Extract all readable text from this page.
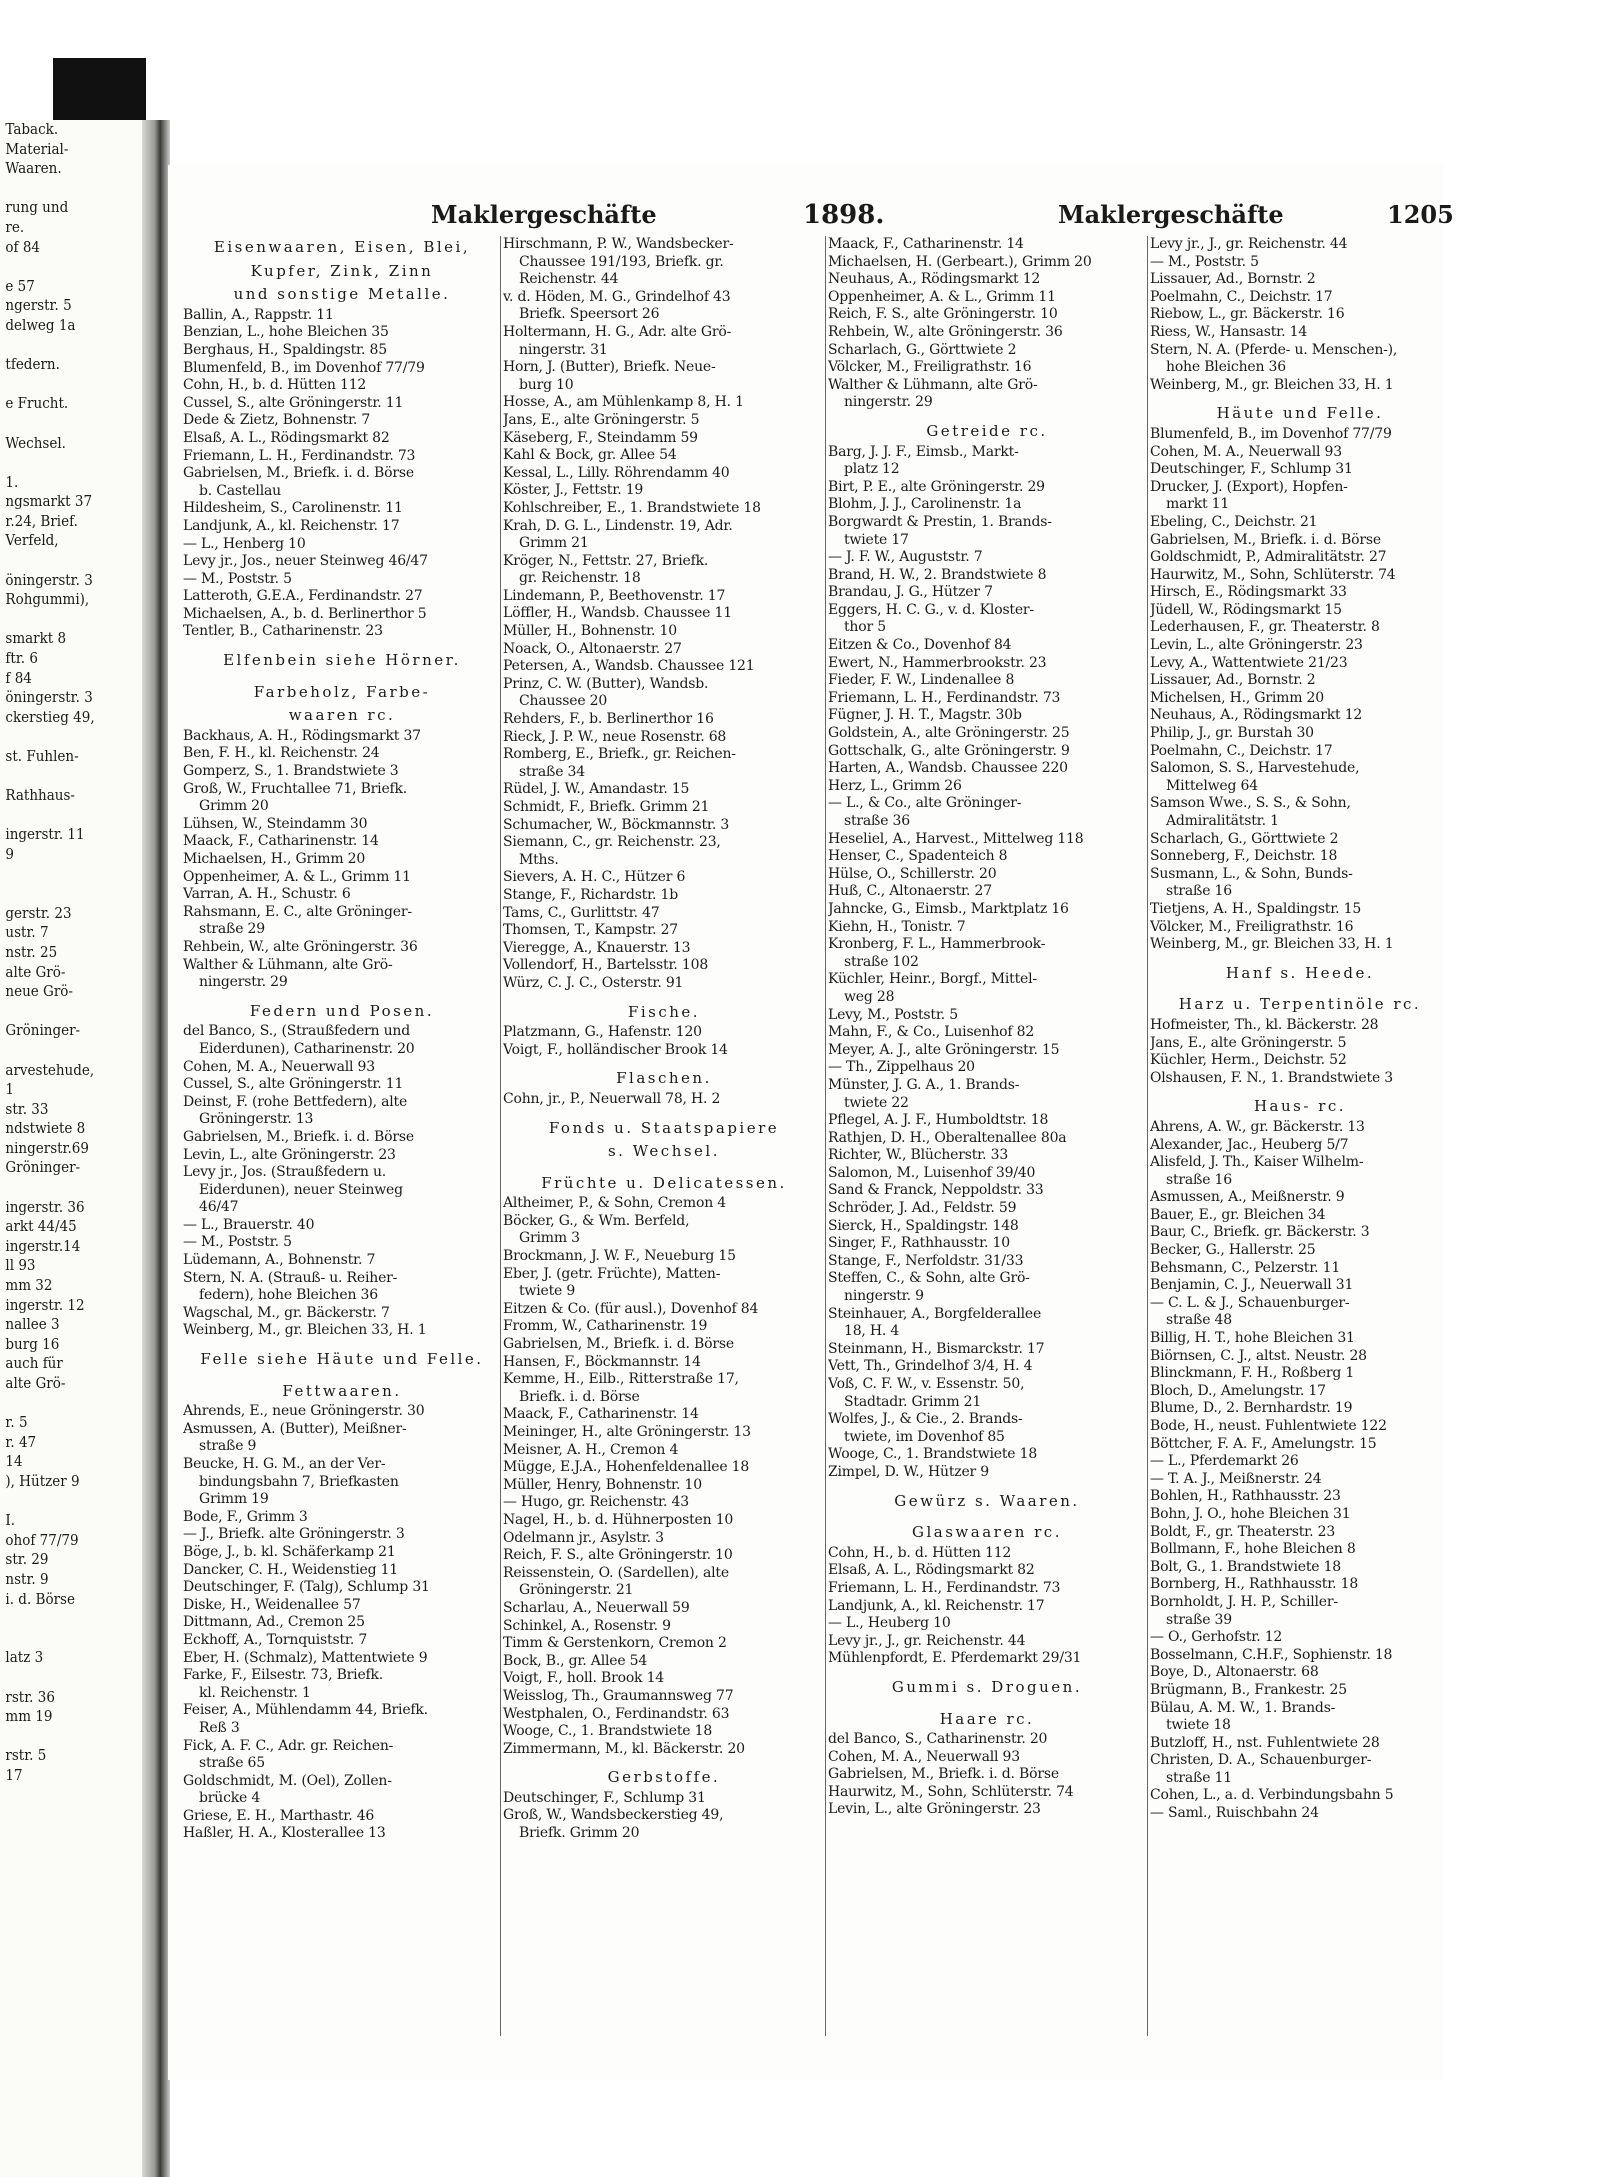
Taback.
Material-
Waaren.

rung und
re.
of 84

e 57
ngerstr. 5
delweg 1a

tfedern.

e Frucht.

Wechsel.

1.
ngsmarkt 37
r.24, Brief.
Verfeld,

öningerstr. 3
Rohgummi),

smarkt 8
ftr. 6
f 84
öningerstr. 3
ckerstieg 49,

st. Fuhlen-

Rathhaus-

ingerstr. 11
9

gerstr. 23
ustr. 7
nstr. 25
alte Grö-
neue Grö-

Gröninger-

arvestehude,
1
str. 33
ndstwiete 8
ningerstr.69
Gröninger-

ingerstr. 36
arkt 44/45
ingerstr.14
ll 93
mm 32
ingerstr. 12
nallee 3
burg 16
auch für
alte Grö-

r. 5
r. 47
14
), Hützer 9

I.
ohof 77/79
str. 29
nstr. 9
i. d. Börse

latz 3

rstr. 36
mm 19

rstr. 5
17
Maklergeschäfte	1898.	Maklergeschäfte	1205
Eisenwaaren, Eisen, Blei,
Kupfer, Zink, Zinn
und sonstige Metalle.
Ballin, A., Rappstr. 11
Benzian, L., hohe Bleichen 35
Berghaus, H., Spaldingstr. 85
Blumenfeld, B., im Dovenhof 77/79
Cohn, H., b. d. Hütten 112
Cussel, S., alte Gröningerstr. 11
Dede & Zietz, Bohnenstr. 7
Elsaß, A. L., Rödingsmarkt 82
Friemann, L. H., Ferdinandstr. 73
Gabrielsen, M., Briefk. i. d. Börse
b. Castellau
Hildesheim, S., Carolinenstr. 11
Landjunk, A., kl. Reichenstr. 17
— L., Henberg 10
Levy jr., Jos., neuer Steinweg 46/47
— M., Poststr. 5
Latteroth, G.E.A., Ferdinandstr. 27
Michaelsen, A., b. d. Berlinerthor 5
Tentler, B., Catharinenstr. 23
Elfenbein siehe Hörner.
Farbeholz, Farbe-
waaren rc.
Backhaus, A. H., Rödingsmarkt 37
Ben, F. H., kl. Reichenstr. 24
Gomperz, S., 1. Brandstwiete 3
Groß, W., Fruchtallee 71, Briefk.
Grimm 20
Lühsen, W., Steindamm 30
Maack, F., Catharinenstr. 14
Michaelsen, H., Grimm 20
Oppenheimer, A. & L., Grimm 11
Varran, A. H., Schustr. 6
Rahsmann, E. C., alte Gröninger-
straße 29
Rehbein, W., alte Gröningerstr. 36
Walther & Lühmann, alte Grö-
ningerstr. 29
Federn und Posen.
del Banco, S., (Straußfedern und
Eiderdunen), Catharinenstr. 20
Cohen, M. A., Neuerwall 93
Cussel, S., alte Gröningerstr. 11
Deinst, F. (rohe Bettfedern), alte
Gröningerstr. 13
Gabrielsen, M., Briefk. i. d. Börse
Levin, L., alte Gröningerstr. 23
Levy jr., Jos. (Straußfedern u.
Eiderdunen), neuer Steinweg
46/47
— L., Brauerstr. 40
— M., Poststr. 5
Lüdemann, A., Bohnenstr. 7
Stern, N. A. (Strauß- u. Reiher-
federn), hohe Bleichen 36
Wagschal, M., gr. Bäckerstr. 7
Weinberg, M., gr. Bleichen 33, H. 1
Felle siehe Häute und Felle.
Fettwaaren.
Ahrends, E., neue Gröningerstr. 30
Asmussen, A. (Butter), Meißner-
straße 9
Beucke, H. G. M., an der Ver-
bindungsbahn 7, Briefkasten
Grimm 19
Bode, F., Grimm 3
— J., Briefk. alte Gröningerstr. 3
Böge, J., b. kl. Schäferkamp 21
Dancker, C. H., Weidenstieg 11
Deutschinger, F. (Talg), Schlump 31
Diske, H., Weidenallee 57
Dittmann, Ad., Cremon 25
Eckhoff, A., Tornquiststr. 7
Eber, H. (Schmalz), Mattentwiete 9
Farke, F., Eilsestr. 73, Briefk.
kl. Reichenstr. 1
Feiser, A., Mühlendamm 44, Briefk.
Reß 3
Fick, A. F. C., Adr. gr. Reichen-
straße 65
Goldschmidt, M. (Oel), Zollen-
brücke 4
Griese, E. H., Marthastr. 46
Haßler, H. A., Klosterallee 13
Hirschmann, P. W., Wandsbecker-
Chaussee 191/193, Briefk. gr.
Reichenstr. 44
v. d. Höden, M. G., Grindelhof 43
Briefk. Speersort 26
Holtermann, H. G., Adr. alte Grö-
ningerstr. 31
Horn, J. (Butter), Briefk. Neue-
burg 10
Hosse, A., am Mühlenkamp 8, H. 1
Jans, E., alte Gröningerstr. 5
Käseberg, F., Steindamm 59
Kahl & Bock, gr. Allee 54
Kessal, L., Lilly. Röhrendamm 40
Köster, J., Fettstr. 19
Kohlschreiber, E., 1. Brandstwiete 18
Krah, D. G. L., Lindenstr. 19, Adr.
Grimm 21
Kröger, N., Fettstr. 27, Briefk.
gr. Reichenstr. 18
Lindemann, P., Beethovenstr. 17
Löffler, H., Wandsb. Chaussee 11
Müller, H., Bohnenstr. 10
Noack, O., Altonaerstr. 27
Petersen, A., Wandsb. Chaussee 121
Prinz, C. W. (Butter), Wandsb.
Chaussee 20
Rehders, F., b. Berlinerthor 16
Rieck, J. P. W., neue Rosenstr. 68
Romberg, E., Briefk., gr. Reichen-
straße 34
Rüdel, J. W., Amandastr. 15
Schmidt, F., Briefk. Grimm 21
Schumacher, W., Böckmannstr. 3
Siemann, C., gr. Reichenstr. 23,
Mths.
Sievers, A. H. C., Hützer 6
Stange, F., Richardstr. 1b
Tams, C., Gurlittstr. 47
Thomsen, T., Kampstr. 27
Vieregge, A., Knauerstr. 13
Vollendorf, H., Bartelsstr. 108
Würz, C. J. C., Osterstr. 91
Fische.
Platzmann, G., Hafenstr. 120
Voigt, F., holländischer Brook 14
Flaschen.
Cohn, jr., P., Neuerwall 78, H. 2
Fonds u. Staatspapiere
s. Wechsel.
Früchte u. Delicatessen.
Altheimer, P., & Sohn, Cremon 4
Böcker, G., & Wm. Berfeld,
Grimm 3
Brockmann, J. W. F., Neueburg 15
Eber, J. (getr. Früchte), Matten-
twiete 9
Eitzen & Co. (für ausl.), Dovenhof 84
Fromm, W., Catharinenstr. 19
Gabrielsen, M., Briefk. i. d. Börse
Hansen, F., Böckmannstr. 14
Kemme, H., Eilb., Ritterstraße 17,
Briefk. i. d. Börse
Maack, F., Catharinenstr. 14
Meininger, H., alte Gröningerstr. 13
Meisner, A. H., Cremon 4
Mügge, E.J.A., Hohenfeldenallee 18
Müller, Henry, Bohnenstr. 10
— Hugo, gr. Reichenstr. 43
Nagel, H., b. d. Hühnerposten 10
Odelmann jr., Asylstr. 3
Reich, F. S., alte Gröningerstr. 10
Reissenstein, O. (Sardellen), alte
Gröningerstr. 21
Scharlau, A., Neuerwall 59
Schinkel, A., Rosenstr. 9
Timm & Gerstenkorn, Cremon 2
Bock, B., gr. Allee 54
Voigt, F., holl. Brook 14
Weisslog, Th., Graumannsweg 77
Westphalen, O., Ferdinandstr. 63
Wooge, C., 1. Brandstwiete 18
Zimmermann, M., kl. Bäckerstr. 20
Gerbstoffe.
Deutschinger, F., Schlump 31
Groß, W., Wandsbeckerstieg 49,
Briefk. Grimm 20
Maack, F., Catharinenstr. 14
Michaelsen, H. (Gerbeart.), Grimm 20
Neuhaus, A., Rödingsmarkt 12
Oppenheimer, A. & L., Grimm 11
Reich, F. S., alte Gröningerstr. 10
Rehbein, W., alte Gröningerstr. 36
Scharlach, G., Görttwiete 2
Völcker, M., Freiligrathstr. 16
Walther & Lühmann, alte Grö-
ningerstr. 29
Getreide rc.
Barg, J. J. F., Eimsb., Markt-
platz 12
Birt, P. E., alte Gröningerstr. 29
Blohm, J. J., Carolinenstr. 1a
Borgwardt & Prestin, 1. Brands-
twiete 17
— J. F. W., Auguststr. 7
Brand, H. W., 2. Brandstwiete 8
Brandau, J. G., Hützer 7
Eggers, H. C. G., v. d. Kloster-
thor 5
Eitzen & Co., Dovenhof 84
Ewert, N., Hammerbrookstr. 23
Fieder, F. W., Lindenallee 8
Friemann, L. H., Ferdinandstr. 73
Fügner, J. H. T., Magstr. 30b
Goldstein, A., alte Gröningerstr. 25
Gottschalk, G., alte Gröningerstr. 9
Harten, A., Wandsb. Chaussee 220
Herz, L., Grimm 26
— L., & Co., alte Gröninger-
straße 36
Heseliel, A., Harvest., Mittelweg 118
Henser, C., Spadenteich 8
Hülse, O., Schillerstr. 20
Huß, C., Altonaerstr. 27
Jahncke, G., Eimsb., Marktplatz 16
Kiehn, H., Tonistr. 7
Kronberg, F. L., Hammerbrook-
straße 102
Küchler, Heinr., Borgf., Mittel-
weg 28
Levy, M., Poststr. 5
Mahn, F., & Co., Luisenhof 82
Meyer, A. J., alte Gröningerstr. 15
— Th., Zippelhaus 20
Münster, J. G. A., 1. Brands-
twiete 22
Pflegel, A. J. F., Humboldtstr. 18
Rathjen, D. H., Oberaltenallee 80a
Richter, W., Blücherstr. 33
Salomon, M., Luisenhof 39/40
Sand & Franck, Neppoldstr. 33
Schröder, J. Ad., Feldstr. 59
Sierck, H., Spaldingstr. 148
Singer, F., Rathhausstr. 10
Stange, F., Nerfoldstr. 31/33
Steffen, C., & Sohn, alte Grö-
ningerstr. 9
Steinhauer, A., Borgfelderallee
18, H. 4
Steinmann, H., Bismarckstr. 17
Vett, Th., Grindelhof 3/4, H. 4
Voß, C. F. W., v. Essenstr. 50,
Stadtadr. Grimm 21
Wolfes, J., & Cie., 2. Brands-
twiete, im Dovenhof 85
Wooge, C., 1. Brandstwiete 18
Zimpel, D. W., Hützer 9
Gewürz s. Waaren.
Glaswaaren rc.
Cohn, H., b. d. Hütten 112
Elsaß, A. L., Rödingsmarkt 82
Friemann, L. H., Ferdinandstr. 73
Landjunk, A., kl. Reichenstr. 17
— L., Heuberg 10
Levy jr., J., gr. Reichenstr. 44
Mühlenpfordt, E. Pferdemarkt 29/31
Gummi s. Droguen.
Haare rc.
del Banco, S., Catharinenstr. 20
Cohen, M. A., Neuerwall 93
Gabrielsen, M., Briefk. i. d. Börse
Haurwitz, M., Sohn, Schlüterstr. 74
Levin, L., alte Gröningerstr. 23
Levy jr., J., gr. Reichenstr. 44
— M., Poststr. 5
Lissauer, Ad., Bornstr. 2
Poelmahn, C., Deichstr. 17
Riebow, L., gr. Bäckerstr. 16
Riess, W., Hansastr. 14
Stern, N. A. (Pferde- u. Menschen-),
hohe Bleichen 36
Weinberg, M., gr. Bleichen 33, H. 1
Häute und Felle.
Blumenfeld, B., im Dovenhof 77/79
Cohen, M. A., Neuerwall 93
Deutschinger, F., Schlump 31
Drucker, J. (Export), Hopfen-
markt 11
Ebeling, C., Deichstr. 21
Gabrielsen, M., Briefk. i. d. Börse
Goldschmidt, P., Admiralitätstr. 27
Haurwitz, M., Sohn, Schlüterstr. 74
Hirsch, E., Rödingsmarkt 33
Jüdell, W., Rödingsmarkt 15
Lederhausen, F., gr. Theaterstr. 8
Levin, L., alte Gröningerstr. 23
Levy, A., Wattentwiete 21/23
Lissauer, Ad., Bornstr. 2
Michelsen, H., Grimm 20
Neuhaus, A., Rödingsmarkt 12
Philip, J., gr. Burstah 30
Poelmahn, C., Deichstr. 17
Salomon, S. S., Harvestehude,
Mittelweg 64
Samson Wwe., S. S., & Sohn,
Admiralitätstr. 1
Scharlach, G., Görttwiete 2
Sonneberg, F., Deichstr. 18
Susmann, L., & Sohn, Bunds-
straße 16
Tietjens, A. H., Spaldingstr. 15
Völcker, M., Freiligrathstr. 16
Weinberg, M., gr. Bleichen 33, H. 1
Hanf s. Heede.
Harz u. Terpentinöle rc.
Hofmeister, Th., kl. Bäckerstr. 28
Jans, E., alte Gröningerstr. 5
Küchler, Herm., Deichstr. 52
Olshausen, F. N., 1. Brandstwiete 3
Haus- rc.
Ahrens, A. W., gr. Bäckerstr. 13
Alexander, Jac., Heuberg 5/7
Alisfeld, J. Th., Kaiser Wilhelm-
straße 16
Asmussen, A., Meißnerstr. 9
Bauer, E., gr. Bleichen 34
Baur, C., Briefk. gr. Bäckerstr. 3
Becker, G., Hallerstr. 25
Behsmann, C., Pelzerstr. 11
Benjamin, C. J., Neuerwall 31
— C. L. & J., Schauenburger-
straße 48
Billig, H. T., hohe Bleichen 31
Biörnsen, C. J., altst. Neustr. 28
Blinckmann, F. H., Roßberg 1
Bloch, D., Amelungstr. 17
Blume, D., 2. Bernhardstr. 19
Bode, H., neust. Fuhlentwiete 122
Böttcher, F. A. F., Amelungstr. 15
— L., Pferdemarkt 26
— T. A. J., Meißnerstr. 24
Bohlen, H., Rathhausstr. 23
Bohn, J. O., hohe Bleichen 31
Boldt, F., gr. Theaterstr. 23
Bollmann, F., hohe Bleichen 8
Bolt, G., 1. Brandstwiete 18
Bornberg, H., Rathhausstr. 18
Bornholdt, J. H. P., Schiller-
straße 39
— O., Gerhofstr. 12
Bosselmann, C.H.F., Sophienstr. 18
Boye, D., Altonaerstr. 68
Brügmann, B., Frankestr. 25
Bülau, A. M. W., 1. Brands-
twiete 18
Butzloff, H., nst. Fuhlentwiete 28
Christen, D. A., Schauenburger-
straße 11
Cohen, L., a. d. Verbindungsbahn 5
— Saml., Ruischbahn 24
